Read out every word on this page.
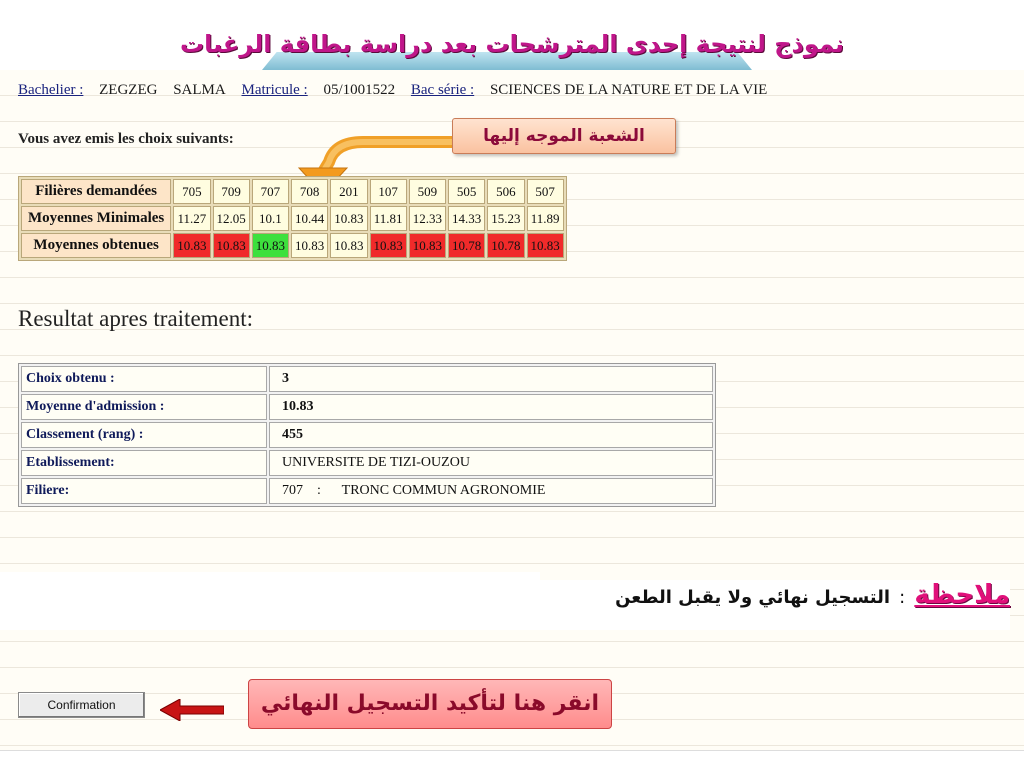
نموذج لنتيجة إحدى المترشحات بعد دراسة بطاقة الرغبات
Bachelier : ZEGZEG SALMA Matricule : 05/1001522 Bac série : SCIENCES DE LA NATURE ET DE LA VIE
Vous avez emis les choix suivants:	الشعبة الموجه إليها
Filières demandées	705	709	707	708	201	107	509	505	506	507
Moyennes Minimales	11.27	12.05	10.1	10.44	10.83	11.81	12.33	14.33	15.23	11.89
Moyennes obtenues	10.83	10.83	10.83	10.83	10.83	10.83	10.83	10.78	10.78	10.83
Resultat apres traitement:
Choix obtenu :	3
Moyenne d'admission :	10.83
Classement (rang) :	455
Etablissement:	UNIVERSITE DE TIZI-OUZOU
Filiere:	707    :      TRONC COMMUN AGRONOMIE
ملاحظة : التسجيل نهائي ولا يقبل الطعن
Confirmation	انقر هنا لتأكيد التسجيل النهائي
